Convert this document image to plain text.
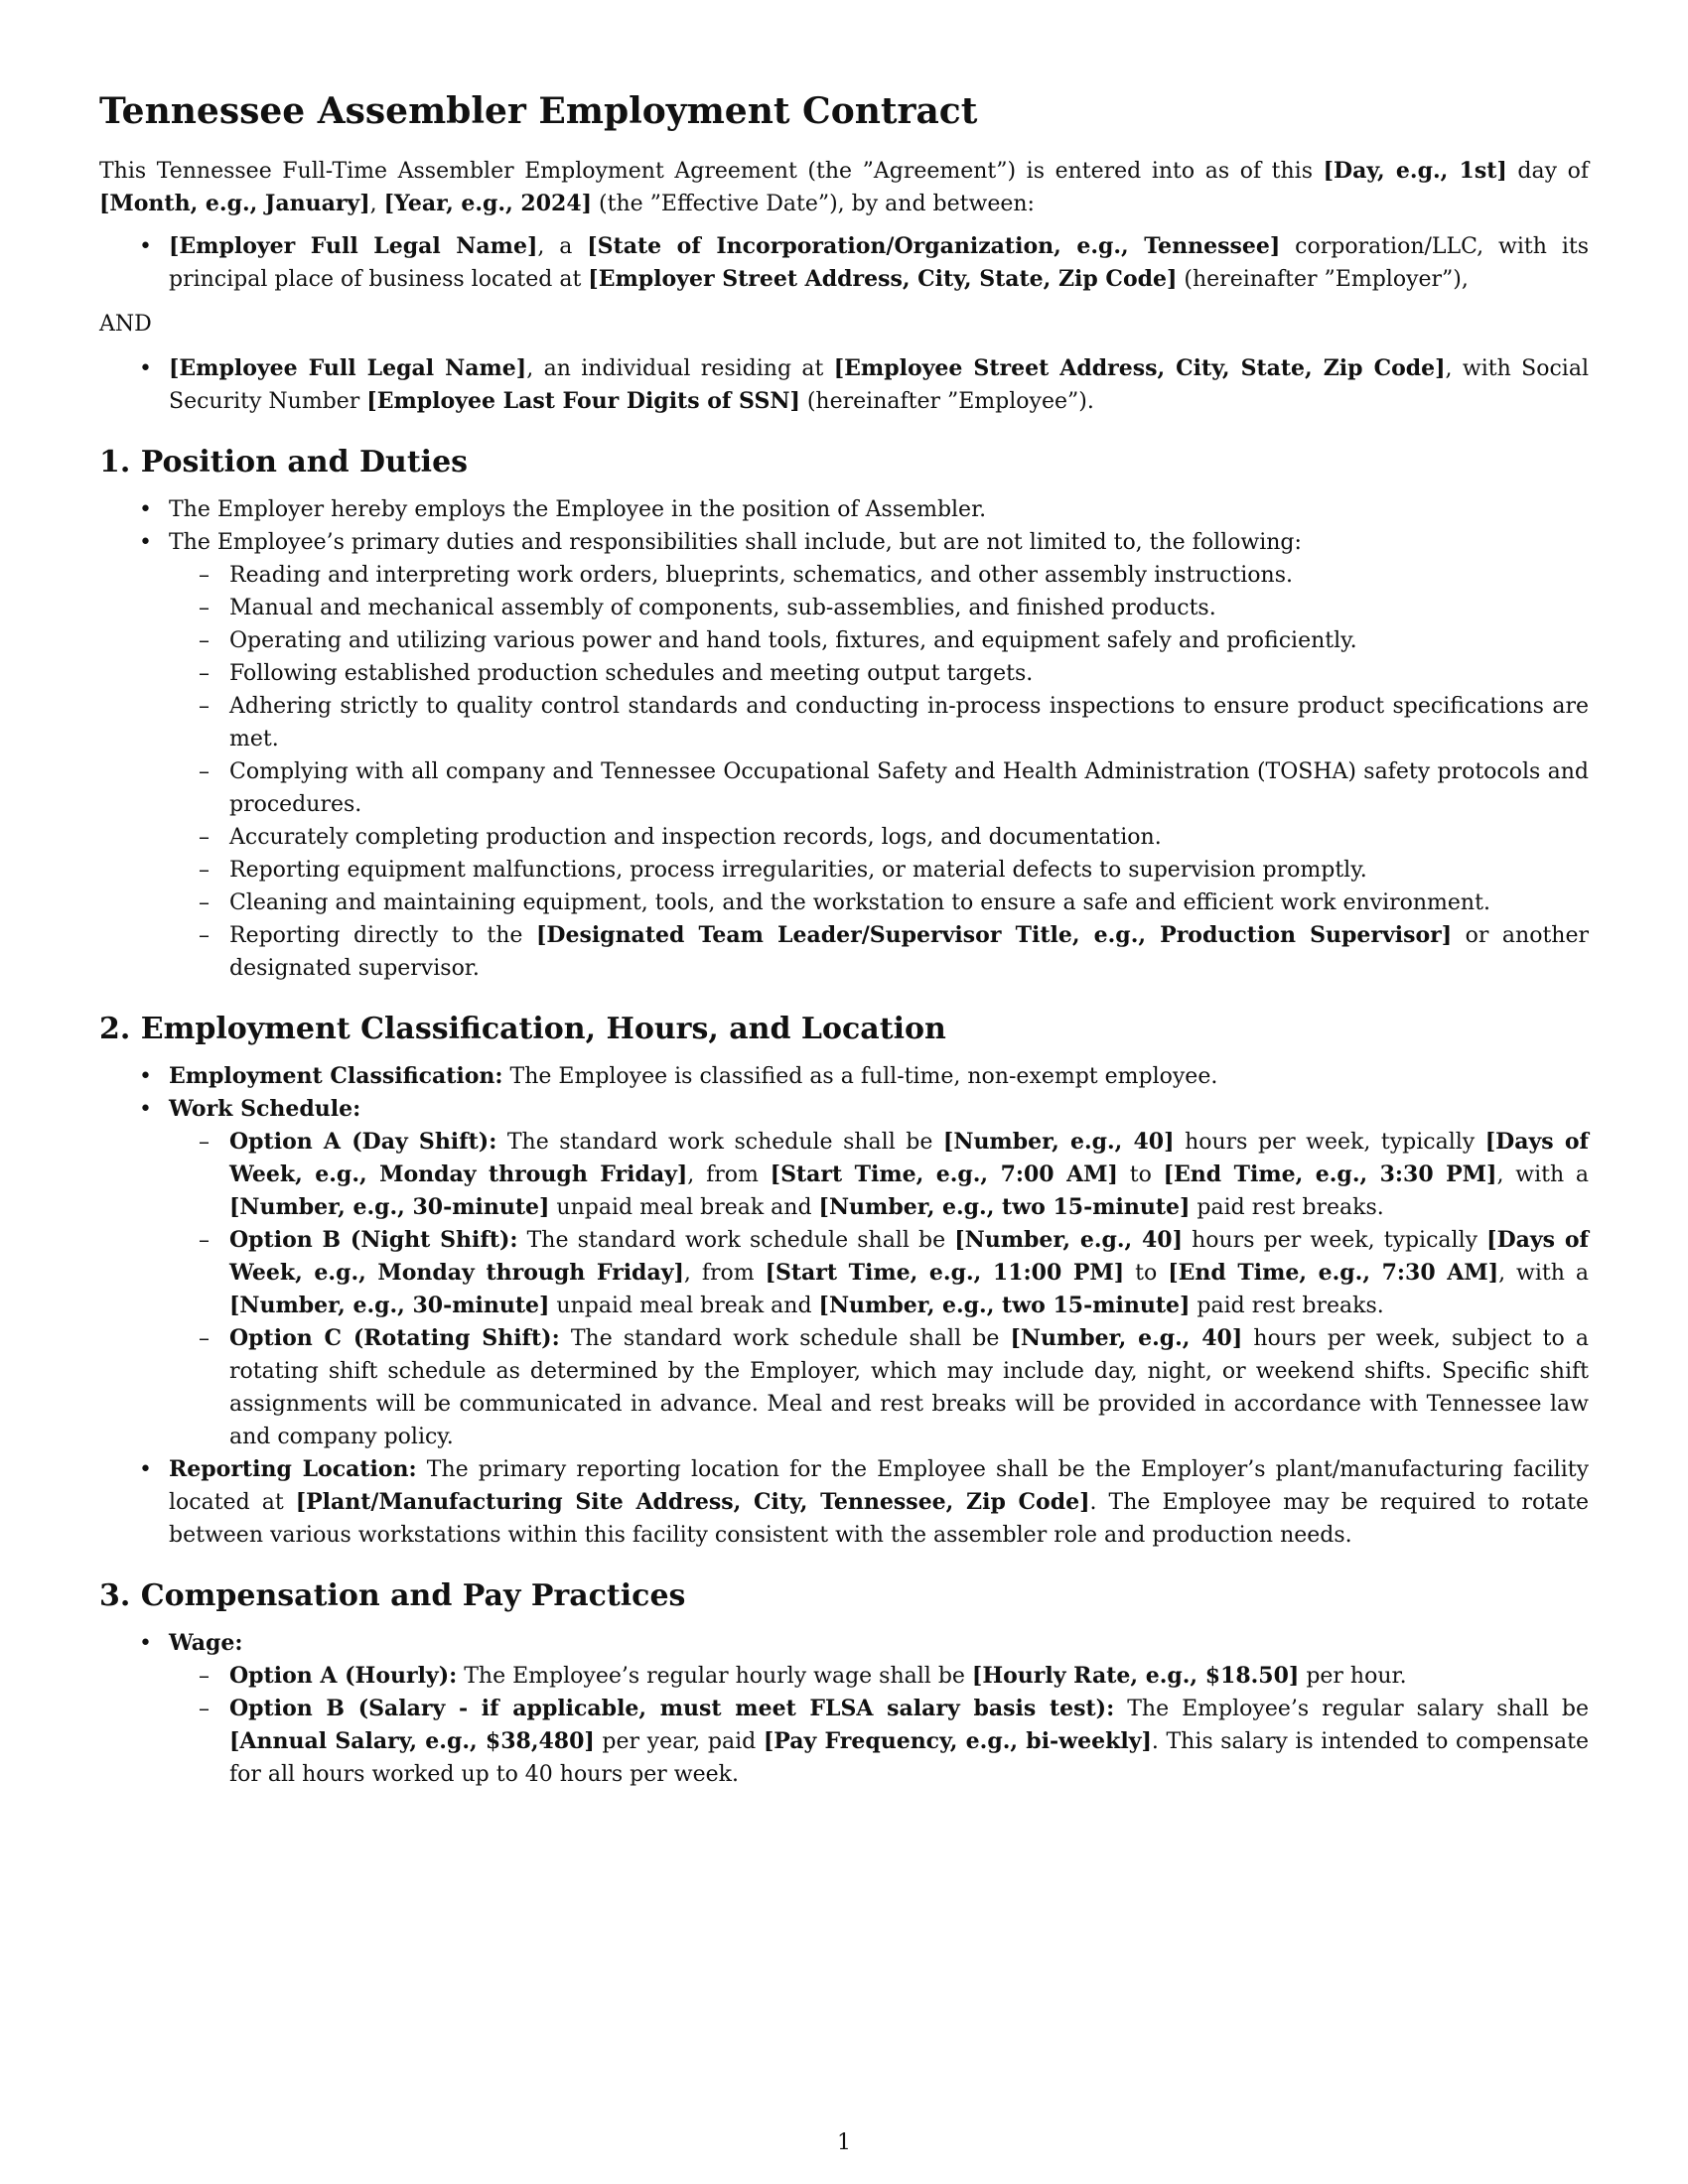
Tennessee Assembler Employment Contract

This Tennessee Full-Time Assembler Employment Agreement (the ”Agreement”) is entered into as of this [Day, e.g., 1st] day of [Month, e.g., January], [Year, e.g., 2024] (the ”Effective Date”), by and between:

• [Employer Full Legal Name], a [State of Incorporation/Organization, e.g., Tennessee] corporation/LLC, with its principal place of business located at [Employer Street Address, City, State, Zip Code] (hereinafter ”Employer”),

AND

• [Employee Full Legal Name], an individual residing at [Employee Street Address, City, State, Zip Code], with Social Security Number [Employee Last Four Digits of SSN] (hereinafter ”Employee”).
1. Position and Duties
• The Employer hereby employs the Employee in the position of Assembler.
• The Employee’s primary duties and responsibilities shall include, but are not limited to, the following:
– Reading and interpreting work orders, blueprints, schematics, and other assembly instructions.
– Manual and mechanical assembly of components, sub-assemblies, and finished products.
– Operating and utilizing various power and hand tools, fixtures, and equipment safely and proficiently.
– Following established production schedules and meeting output targets.
– Adhering strictly to quality control standards and conducting in-process inspections to ensure product specifications are met.
– Complying with all company and Tennessee Occupational Safety and Health Administration (TOSHA) safety protocols and procedures.
– Accurately completing production and inspection records, logs, and documentation.
– Reporting equipment malfunctions, process irregularities, or material defects to supervision promptly.
– Cleaning and maintaining equipment, tools, and the workstation to ensure a safe and efficient work environment.
– Reporting directly to the [Designated Team Leader/Supervisor Title, e.g., Production Supervisor] or another designated supervisor.
2. Employment Classification, Hours, and Location
• Employment Classification: The Employee is classified as a full-time, non-exempt employee.
• Work Schedule:
– Option A (Day Shift): The standard work schedule shall be [Number, e.g., 40] hours per week, typically [Days of Week, e.g., Monday through Friday], from [Start Time, e.g., 7:00 AM] to [End Time, e.g., 3:30 PM], with a [Number, e.g., 30-minute] unpaid meal break and [Number, e.g., two 15-minute] paid rest breaks.
– Option B (Night Shift): The standard work schedule shall be [Number, e.g., 40] hours per week, typically [Days of Week, e.g., Monday through Friday], from [Start Time, e.g., 11:00 PM] to [End Time, e.g., 7:30 AM], with a [Number, e.g., 30-minute] unpaid meal break and [Number, e.g., two 15-minute] paid rest breaks.
– Option C (Rotating Shift): The standard work schedule shall be [Number, e.g., 40] hours per week, subject to a rotating shift schedule as determined by the Employer, which may include day, night, or weekend shifts. Specific shift assignments will be communicated in advance. Meal and rest breaks will be provided in accordance with Tennessee law and company policy.
• Reporting Location: The primary reporting location for the Employee shall be the Employer’s plant/manufacturing facility located at [Plant/Manufacturing Site Address, City, Tennessee, Zip Code]. The Employee may be required to rotate between various workstations within this facility consistent with the assembler role and production needs.
3. Compensation and Pay Practices
• Wage:
– Option A (Hourly): The Employee’s regular hourly wage shall be [Hourly Rate, e.g., $18.50] per hour.
– Option B (Salary - if applicable, must meet FLSA salary basis test): The Employee’s regular salary shall be [Annual Salary, e.g., $38,480] per year, paid [Pay Frequency, e.g., bi-weekly]. This salary is intended to compensate for all hours worked up to 40 hours per week.
1
